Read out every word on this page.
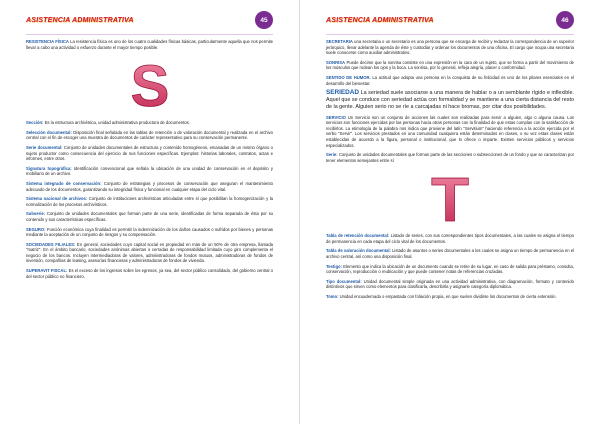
ASISTENCIA ADMINISTRATIVA	45

RESISTENCIA FÍSICA La resistencia física es uno de los cuatro cualidades físicas básicas, particularmente aquella que nos permite llevar a cabo una actividad o esfuerzo durante el mayor tiempo posible.

S

Sección: Es la estructura archivística, unidad administrativa productora de documentos.

Selección documental: Disposición final señalada en las tablas de retención o de valoración documental y realizada en el archivo central con el fin de escoger una muestra de documentos de carácter representativo para su conservación permanente.

Serie documental: Conjunto de unidades documentales de estructura y contenido homogéneos, emanadas de un mismo órgano o sujeto productor como consecuencia del ejercicio de sus funciones específicas. Ejemplos: historias laborales, contratos, actas e informes, entre otros.

Signatura topográfica: Identificación convencional que señala la ubicación de una unidad de conservación en el depósito y mobiliario de un archivo.

Sistema integrado de conservación: Conjunto de estrategias y procesos de conservación que aseguran el mantenimiento adecuado de los documentos, garantizando su integridad física y funcional en cualquier etapa del ciclo vital.

Sistema nacional de archivos: Conjunto de instituciones archivísticas articuladas entre sí que posibilitan la homogenización y la normalización de los procesos archivísticos.

Subserie: Conjunto de unidades documentales que forman parte de una serie, identificadas de forma separada de ésta por su contenido y sus características específicas.

SEGURO: Función económica cuya finalidad es permitir la indemnización de los daños causados o sufridos por bienes y personas mediante la aceptación de un conjunto de riesgos y su compensación.

SOCIEDADES FILIALES: En general, sociedades cuyo capital social es propiedad en más de un 50% de otra empresa, llamada "matriz". En el ámbito bancario, sociedades anónimas abiertas o cerradas de responsabilidad limitada cuyo giro complementa el negocio de los bancos. Incluyen intermediadoras de valores, administradoras de fondos mutuos, administradoras de fondos de inversión, compañías de leasing, asesorías financieras y administradoras de fondos de vivienda.

SUPERAVIT FISCAL: Es el exceso de los ingresos sobre los egresos, ya sea, del sector público consolidado, del gobierno central o del sector público no financiero.

ASISTENCIA ADMINISTRATIVA	46

SECRETARIA una secretaria o un secretario es una persona que se encarga de recibir y redactar la correspondencia de un superior jerárquico, llevar adelante la agenda de éste y custodiar y ordenar los documentos de una oficina. El cargo que ocupa una secretaria suele conocerse como auxiliar administrativo.

SONRISA Puede decirse que la sonrisa consiste en una expresión en la cara de un sujeto, que se forma a partir del movimiento de los músculos que rodean los ojos y la boca. La sonrisa, por lo general, refleja alegría, placer o conformidad.

SENTIDO DE HUMOR. La actitud que adopta una persona en la conquista de su felicidad es uno de los pilares esenciales en el desarrollo del bienestar.

SERIEDAD La seriedad suele asociarse a una manera de hablar o a un semblante rígido e inflexible. Aquel que se conduce con seriedad actúa con formalidad y se mantiene a una cierta distancia del resto de la gente. Alguien serio no se ríe a carcajadas ni hace bromas, por citar dos posibilidades.

SERVICIO Un Servicio son un conjunto de acciones las cuales son realizadas para servir a alguien, algo o alguna causa. Los servicios son funciones ejercidas por las personas hacia otras personas con la finalidad de que estas cumplan con la satisfacción de recibirlos. La etimología de la palabra nos indica que proviene del latín "Servitium" haciendo referencia a la acción ejercida por el verbo "Servir". Los servicios prestados en una comunidad cualquiera están determinados en clases, o su vez estas clases están establecidas de acuerdo a la figura, personal o institucional, que lo ofrece o imparte. Existen servicios públicos y servicios especializados.

Serie: Conjunto de unidades documentales que forman parte de las secciones o subsecciones de un fondo y que se caracterizan por tener elementos semejantes entre sí

T

Tabla de retención documental: Listado de series, con sus correspondientes tipos documentales, a las cuales se asigna el tiempo de permanencia en cada etapa del ciclo vital de los documentos.

Tabla de valoración documental: Listado de asuntos o series documentales a los cuales se asigna un tiempo de permanencia en el archivo central, así como una disposición final.

Testigo: Elemento que indica la ubicación de un documento cuando se retire de su lugar, en caso de salida para préstamo, consulta, conservación, reproducción o reubicación y que puede contener notas de referencias cruzadas.

Tipo documental: Unidad documental simple originada en una actividad administrativa, con diagramación, formato y contenido distintivos que sirven como elementos para clasificarla, describirla y asignarle categoría diplomática.

Tomo: Unidad encuadernada o empastada con foliación propia, en que suelen dividirse los documentos de cierta extensión.
